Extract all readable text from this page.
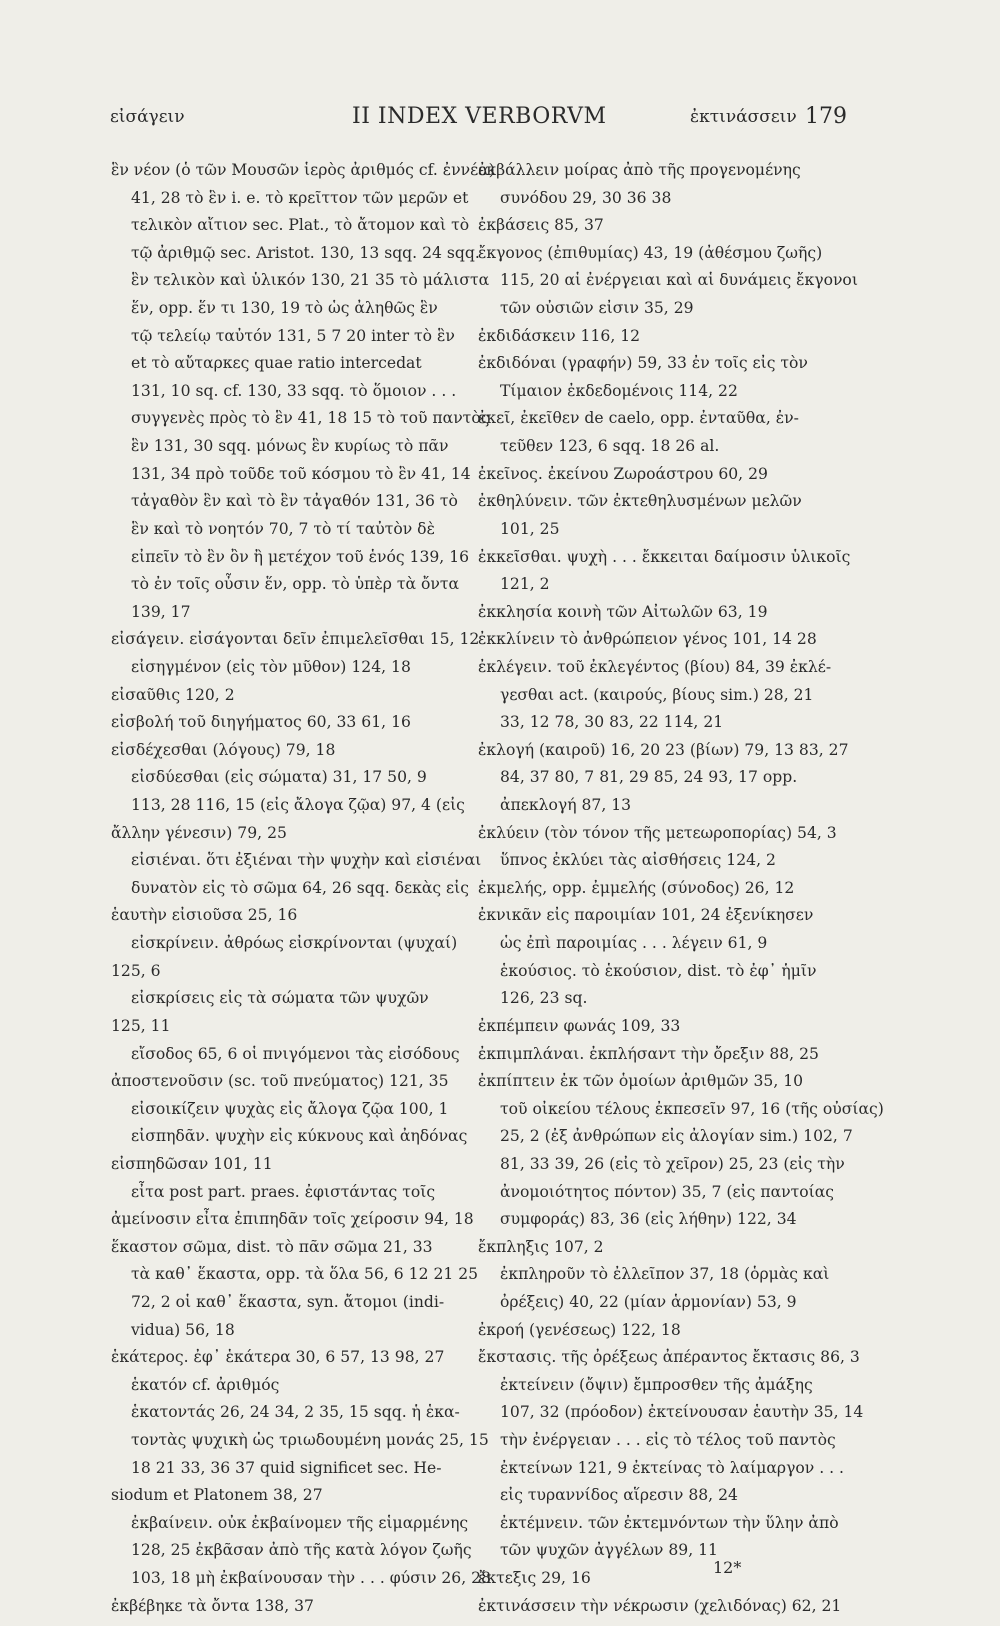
εἰσάγειν	II INDEX VERBORVM	ἐκτινάσσειν 179
ἓν νέον (ὁ τῶν Μουσῶν ἱερὸς ἀριθμός cf. ἐννέα)
41, 28 τὸ ἓν i. e. τὸ κρεῖττον τῶν μερῶν et
τελικὸν αἴτιον sec. Plat., τὸ ἄτομον καὶ τὸ
τῷ ἀριθμῷ sec. Aristot. 130, 13 sqq. 24 sqq.
ἓν τελικὸν καὶ ὑλικόν 130, 21 35 τὸ μάλιστα
ἕν, opp. ἕν τι 130, 19 τὸ ὡς ἀληθῶς ἓν
τῷ τελείῳ ταὐτόν 131, 5 7 20 inter τὸ ἓν
et τὸ αὔταρκες quae ratio intercedat
131, 10 sq. cf. 130, 33 sqq. τὸ ὅμοιον . . .
συγγενὲς πρὸς τὸ ἓν 41, 18 15 τὸ τοῦ παντὸς
ἓν 131, 30 sqq. μόνως ἓν κυρίως τὸ πᾶν
131, 34 πρὸ τοῦδε τοῦ κόσμου τὸ ἓν 41, 14
τἀγαθὸν ἓν καὶ τὸ ἓν τἀγαθόν 131, 36 τὸ
ἓν καὶ τὸ νοητόν 70, 7 τὸ τί ταὐτὸν δὲ
εἰπεῖν τὸ ἓν ὂν ἢ μετέχον τοῦ ἑνός 139, 16
τὸ ἐν τοῖς οὖσιν ἕν, opp. τὸ ὑπὲρ τὰ ὄντα
139, 17
εἰσάγειν. εἰσάγονται δεῖν ἐπιμελεῖσθαι 15, 12
εἰσηγμένον (εἰς τὸν μῦθον) 124, 18
εἰσαῦθις 120, 2
εἰσβολή τοῦ διηγήματος 60, 33 61, 16
εἰσδέχεσθαι (λόγους) 79, 18
εἰσδύεσθαι (εἰς σώματα) 31, 17 50, 9
113, 28 116, 15 (εἰς ἄλογα ζῷα) 97, 4 (εἰς
ἄλλην γένεσιν) 79, 25
εἰσιέναι. ὅτι ἐξιέναι τὴν ψυχὴν καὶ εἰσιέναι
δυνατὸν εἰς τὸ σῶμα 64, 26 sqq. δεκὰς εἰς
ἑαυτὴν εἰσιοῦσα 25, 16
εἰσκρίνειν. ἀθρόως εἰσκρίνονται (ψυχαί)
125, 6
εἰσκρίσεις εἰς τὰ σώματα τῶν ψυχῶν
125, 11
εἴσοδος 65, 6 οἱ πνιγόμενοι τὰς εἰσόδους
ἀποστενοῦσιν (sc. τοῦ πνεύματος) 121, 35
εἰσοικίζειν ψυχὰς εἰς ἄλογα ζῷα 100, 1
εἰσπηδᾶν. ψυχὴν εἰς κύκνους καὶ ἀηδόνας
εἰσπηδῶσαν 101, 11
εἶτα post part. praes. ἐφιστάντας τοῖς
ἀμείνοσιν εἶτα ἐπιπηδᾶν τοῖς χείροσιν 94, 18
ἕκαστον σῶμα, dist. τὸ πᾶν σῶμα 21, 33
τὰ καθ᾿ ἕκαστα, opp. τὰ ὅλα 56, 6 12 21 25
72, 2 οἱ καθ᾿ ἕκαστα, syn. ἄτομοι (indi-
vidua) 56, 18
ἑκάτερος. ἐφ᾿ ἑκάτερα 30, 6 57, 13 98, 27
ἑκατόν cf. ἀριθμός
ἑκατοντάς 26, 24 34, 2 35, 15 sqq. ἡ ἑκα-
τοντὰς ψυχικὴ ὡς τριωδουμένη μονάς 25, 15
18 21 33, 36 37 quid significet sec. He-
siodum et Platonem 38, 27
ἐκβαίνειν. οὐκ ἐκβαίνομεν τῆς εἱμαρμένης
128, 25 ἐκβᾶσαν ἀπὸ τῆς κατὰ λόγον ζωῆς
103, 18 μὴ ἐκβαίνουσαν τὴν . . . φύσιν 26, 28
ἐκβέβηκε τὰ ὄντα 138, 37
ἐκβάλλειν μοίρας ἀπὸ τῆς προγενομένης
συνόδου 29, 30 36 38
ἐκβάσεις 85, 37
ἔκγονος (ἐπιθυμίας) 43, 19 (ἀθέσμου ζωῆς)
115, 20 αἱ ἐνέργειαι καὶ αἱ δυνάμεις ἔκγονοι
τῶν οὐσιῶν εἰσιν 35, 29
ἐκδιδάσκειν 116, 12
ἐκδιδόναι (γραφήν) 59, 33 ἐν τοῖς εἰς τὸν
Τίμαιον ἐκδεδομένοις 114, 22
ἐκεῖ, ἐκεῖθεν de caelo, opp. ἐνταῦθα, ἐν-
τεῦθεν 123, 6 sqq. 18 26 al.
ἐκεῖνος. ἐκείνου Ζωροάστρου 60, 29
ἐκθηλύνειν. τῶν ἐκτεθηλυσμένων μελῶν
101, 25
ἐκκεῖσθαι. ψυχὴ . . . ἔκκειται δαίμοσιν ὑλικοῖς
121, 2
ἐκκλησία κοινὴ τῶν Αἰτωλῶν 63, 19
ἐκκλίνειν τὸ ἀνθρώπειον γένος 101, 14 28
ἐκλέγειν. τοῦ ἐκλεγέντος (βίου) 84, 39 ἐκλέ-
γεσθαι act. (καιρούς, βίους sim.) 28, 21
33, 12 78, 30 83, 22 114, 21
ἐκλογή (καιροῦ) 16, 20 23 (βίων) 79, 13 83, 27
84, 37 80, 7 81, 29 85, 24 93, 17 opp.
ἀπεκλογή 87, 13
ἐκλύειν (τὸν τόνον τῆς μετεωροπορίας) 54, 3
ὕπνος ἐκλύει τὰς αἰσθήσεις 124, 2
ἐκμελής, opp. ἐμμελής (σύνοδος) 26, 12
ἐκνικᾶν εἰς παροιμίαν 101, 24 ἐξενίκησεν
ὡς ἐπὶ παροιμίας . . . λέγειν 61, 9
ἑκούσιος. τὸ ἑκούσιον, dist. τὸ ἐφ᾿ ἡμῖν
126, 23 sq.
ἐκπέμπειν φωνάς 109, 33
ἐκπιμπλάναι. ἐκπλήσαντ τὴν ὄρεξιν 88, 25
ἐκπίπτειν ἐκ τῶν ὁμοίων ἀριθμῶν 35, 10
τοῦ οἰκείου τέλους ἐκπεσεῖν 97, 16 (τῆς οὐσίας)
25, 2 (ἐξ ἀνθρώπων εἰς ἀλογίαν sim.) 102, 7
81, 33 39, 26 (εἰς τὸ χεῖρον) 25, 23 (εἰς τὴν
ἀνομοιότητος πόντον) 35, 7 (εἰς παντοίας
συμφοράς) 83, 36 (εἰς λήθην) 122, 34
ἔκπληξις 107, 2
ἐκπληροῦν τὸ ἐλλεῖπον 37, 18 (ὁρμὰς καὶ
ὀρέξεις) 40, 22 (μίαν ἁρμονίαν) 53, 9
ἐκροή (γενέσεως) 122, 18
ἔκστασις. τῆς ὀρέξεως ἀπέραντος ἔκτασις 86, 3
ἐκτείνειν (ὄψιν) ἔμπροσθεν τῆς ἀμάξης
107, 32 (πρόοδον) ἐκτείνουσαν ἑαυτὴν 35, 14
τὴν ἐνέργειαν . . . εἰς τὸ τέλος τοῦ παντὸς
ἐκτείνων 121, 9 ἐκτείνας τὸ λαίμαργον . . .
εἰς τυραννίδος αἵρεσιν 88, 24
ἐκτέμνειν. τῶν ἐκτεμνόντων τὴν ὕλην ἀπὸ
τῶν ψυχῶν ἀγγέλων 89, 11
ἔκτεξις 29, 16
ἐκτινάσσειν τὴν νέκρωσιν (χελιδόνας) 62, 21
12*
